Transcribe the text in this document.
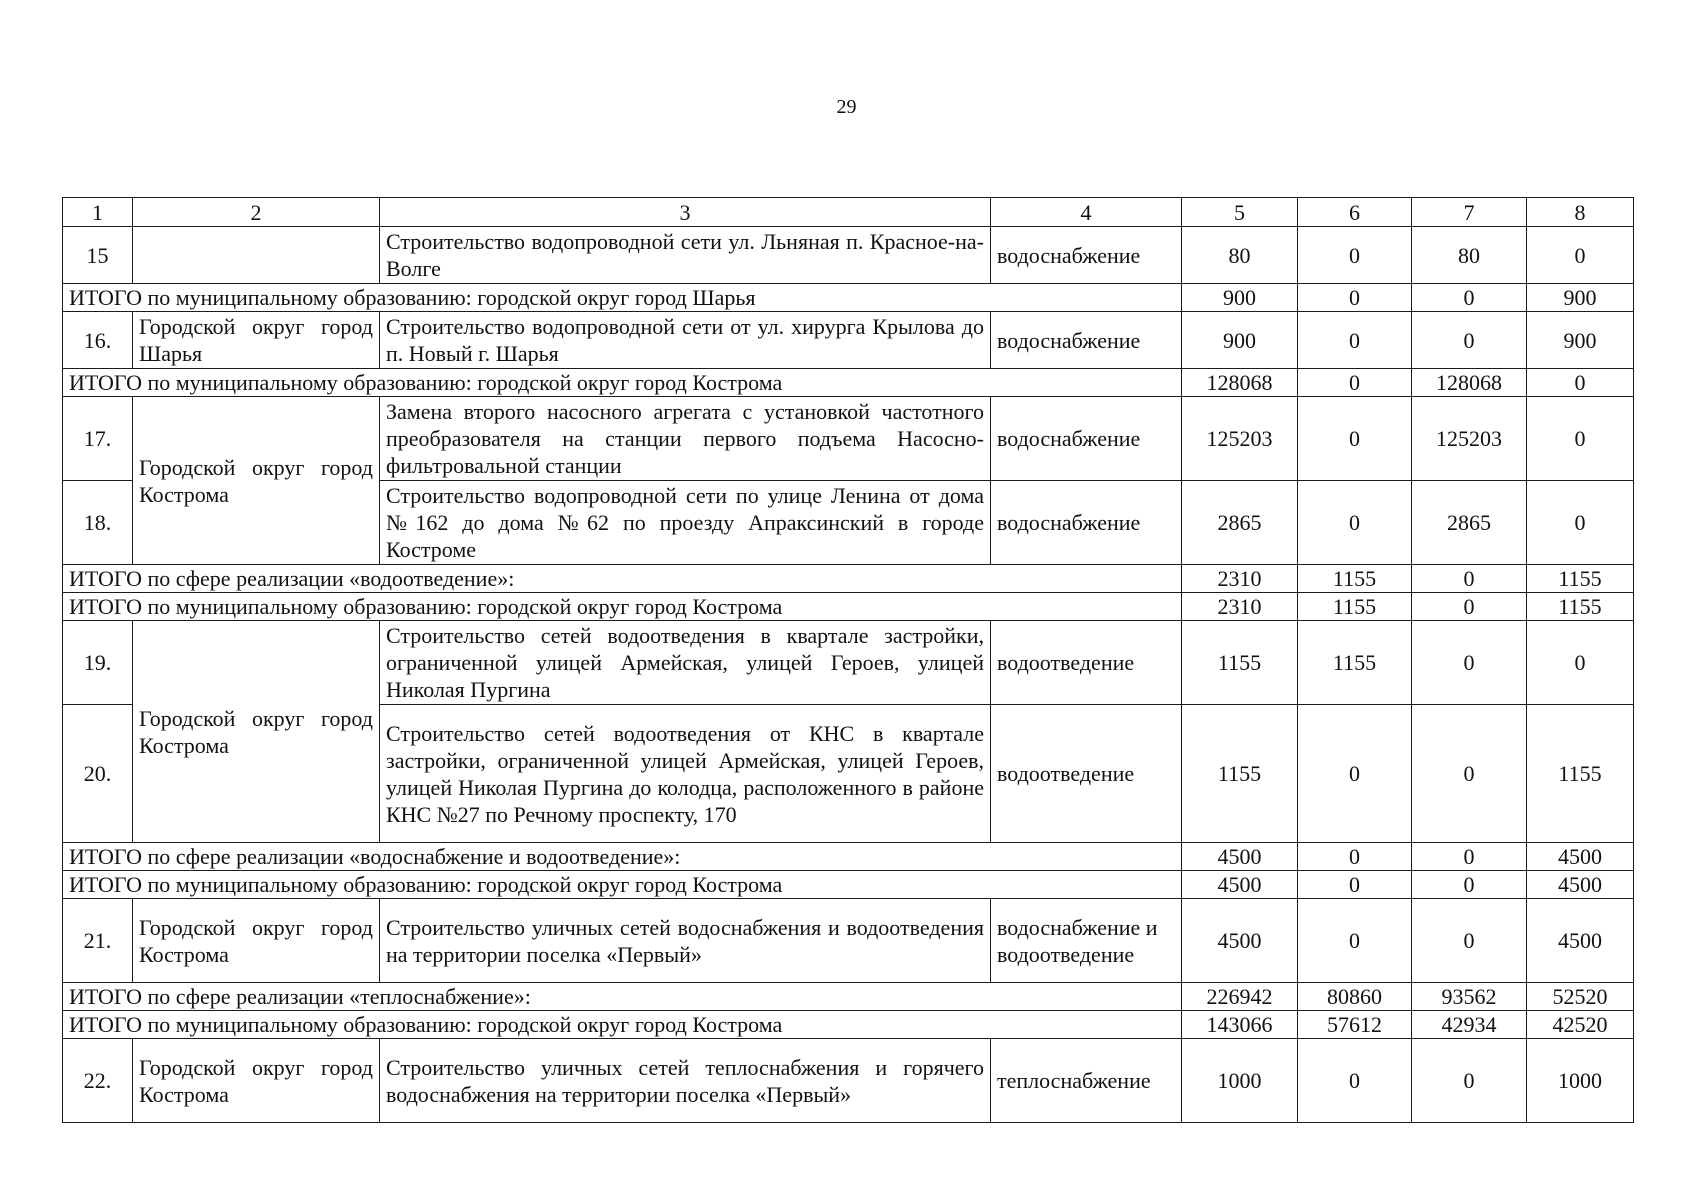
29
1	2	3	4	5	6	7	8
15		Строительство водопроводной сети ул. Льняная п. Красное-на-Волге	водоснабжение	80	0	80	0
ИТОГО по муниципальному образованию: городской округ город Шарья				900	0	0	900
16.	Городской округ город Шарья	Строительство водопроводной сети от ул. хирурга Крылова до п. Новый г. Шарья	водоснабжение	900	0	0	900
ИТОГО по муниципальному образованию: городской округ город Кострома				128068	0	128068	0
17.	Городской округ город Кострома	Замена второго насосного агрегата с установкой частотного преобразователя на станции первого подъема Насосно-фильтровальной станции	водоснабжение	125203	0	125203	0
18.		Строительство водопроводной сети по улице Ленина от дома №162 до дома №62 по проезду Апраксинский в городе Костроме	водоснабжение	2865	0	2865	0
ИТОГО по сфере реализации «водоотведение»:				2310	1155	0	1155
ИТОГО по муниципальному образованию: городской округ город Кострома				2310	1155	0	1155
19.	Городской округ город Кострома	Строительство сетей водоотведения в квартале застройки, ограниченной улицей Армейская, улицей Героев, улицей Николая Пургина	водоотведение	1155	1155	0	0
20.		Строительство сетей водоотведения от КНС в квартале застройки, ограниченной улицей Армейская, улицей Героев, улицей Николая Пургина до колодца, расположенного в районе КНС №27 по Речному проспекту, 170	водоотведение	1155	0	0	1155
ИТОГО по сфере реализации «водоснабжение и водоотведение»:				4500	0	0	4500
ИТОГО по муниципальному образованию: городской округ город Кострома				4500	0	0	4500
21.	Городской округ город Кострома	Строительство уличных сетей водоснабжения и водоотведения на территории поселка «Первый»	водоснабжение и водоотведение	4500	0	0	4500
ИТОГО по сфере реализации «теплоснабжение»:				226942	80860	93562	52520
ИТОГО по муниципальному образованию: городской округ город Кострома				143066	57612	42934	42520
22.	Городской округ город Кострома	Строительство уличных сетей теплоснабжения и горячего водоснабжения на территории поселка «Первый»	теплоснабжение	1000	0	0	1000
